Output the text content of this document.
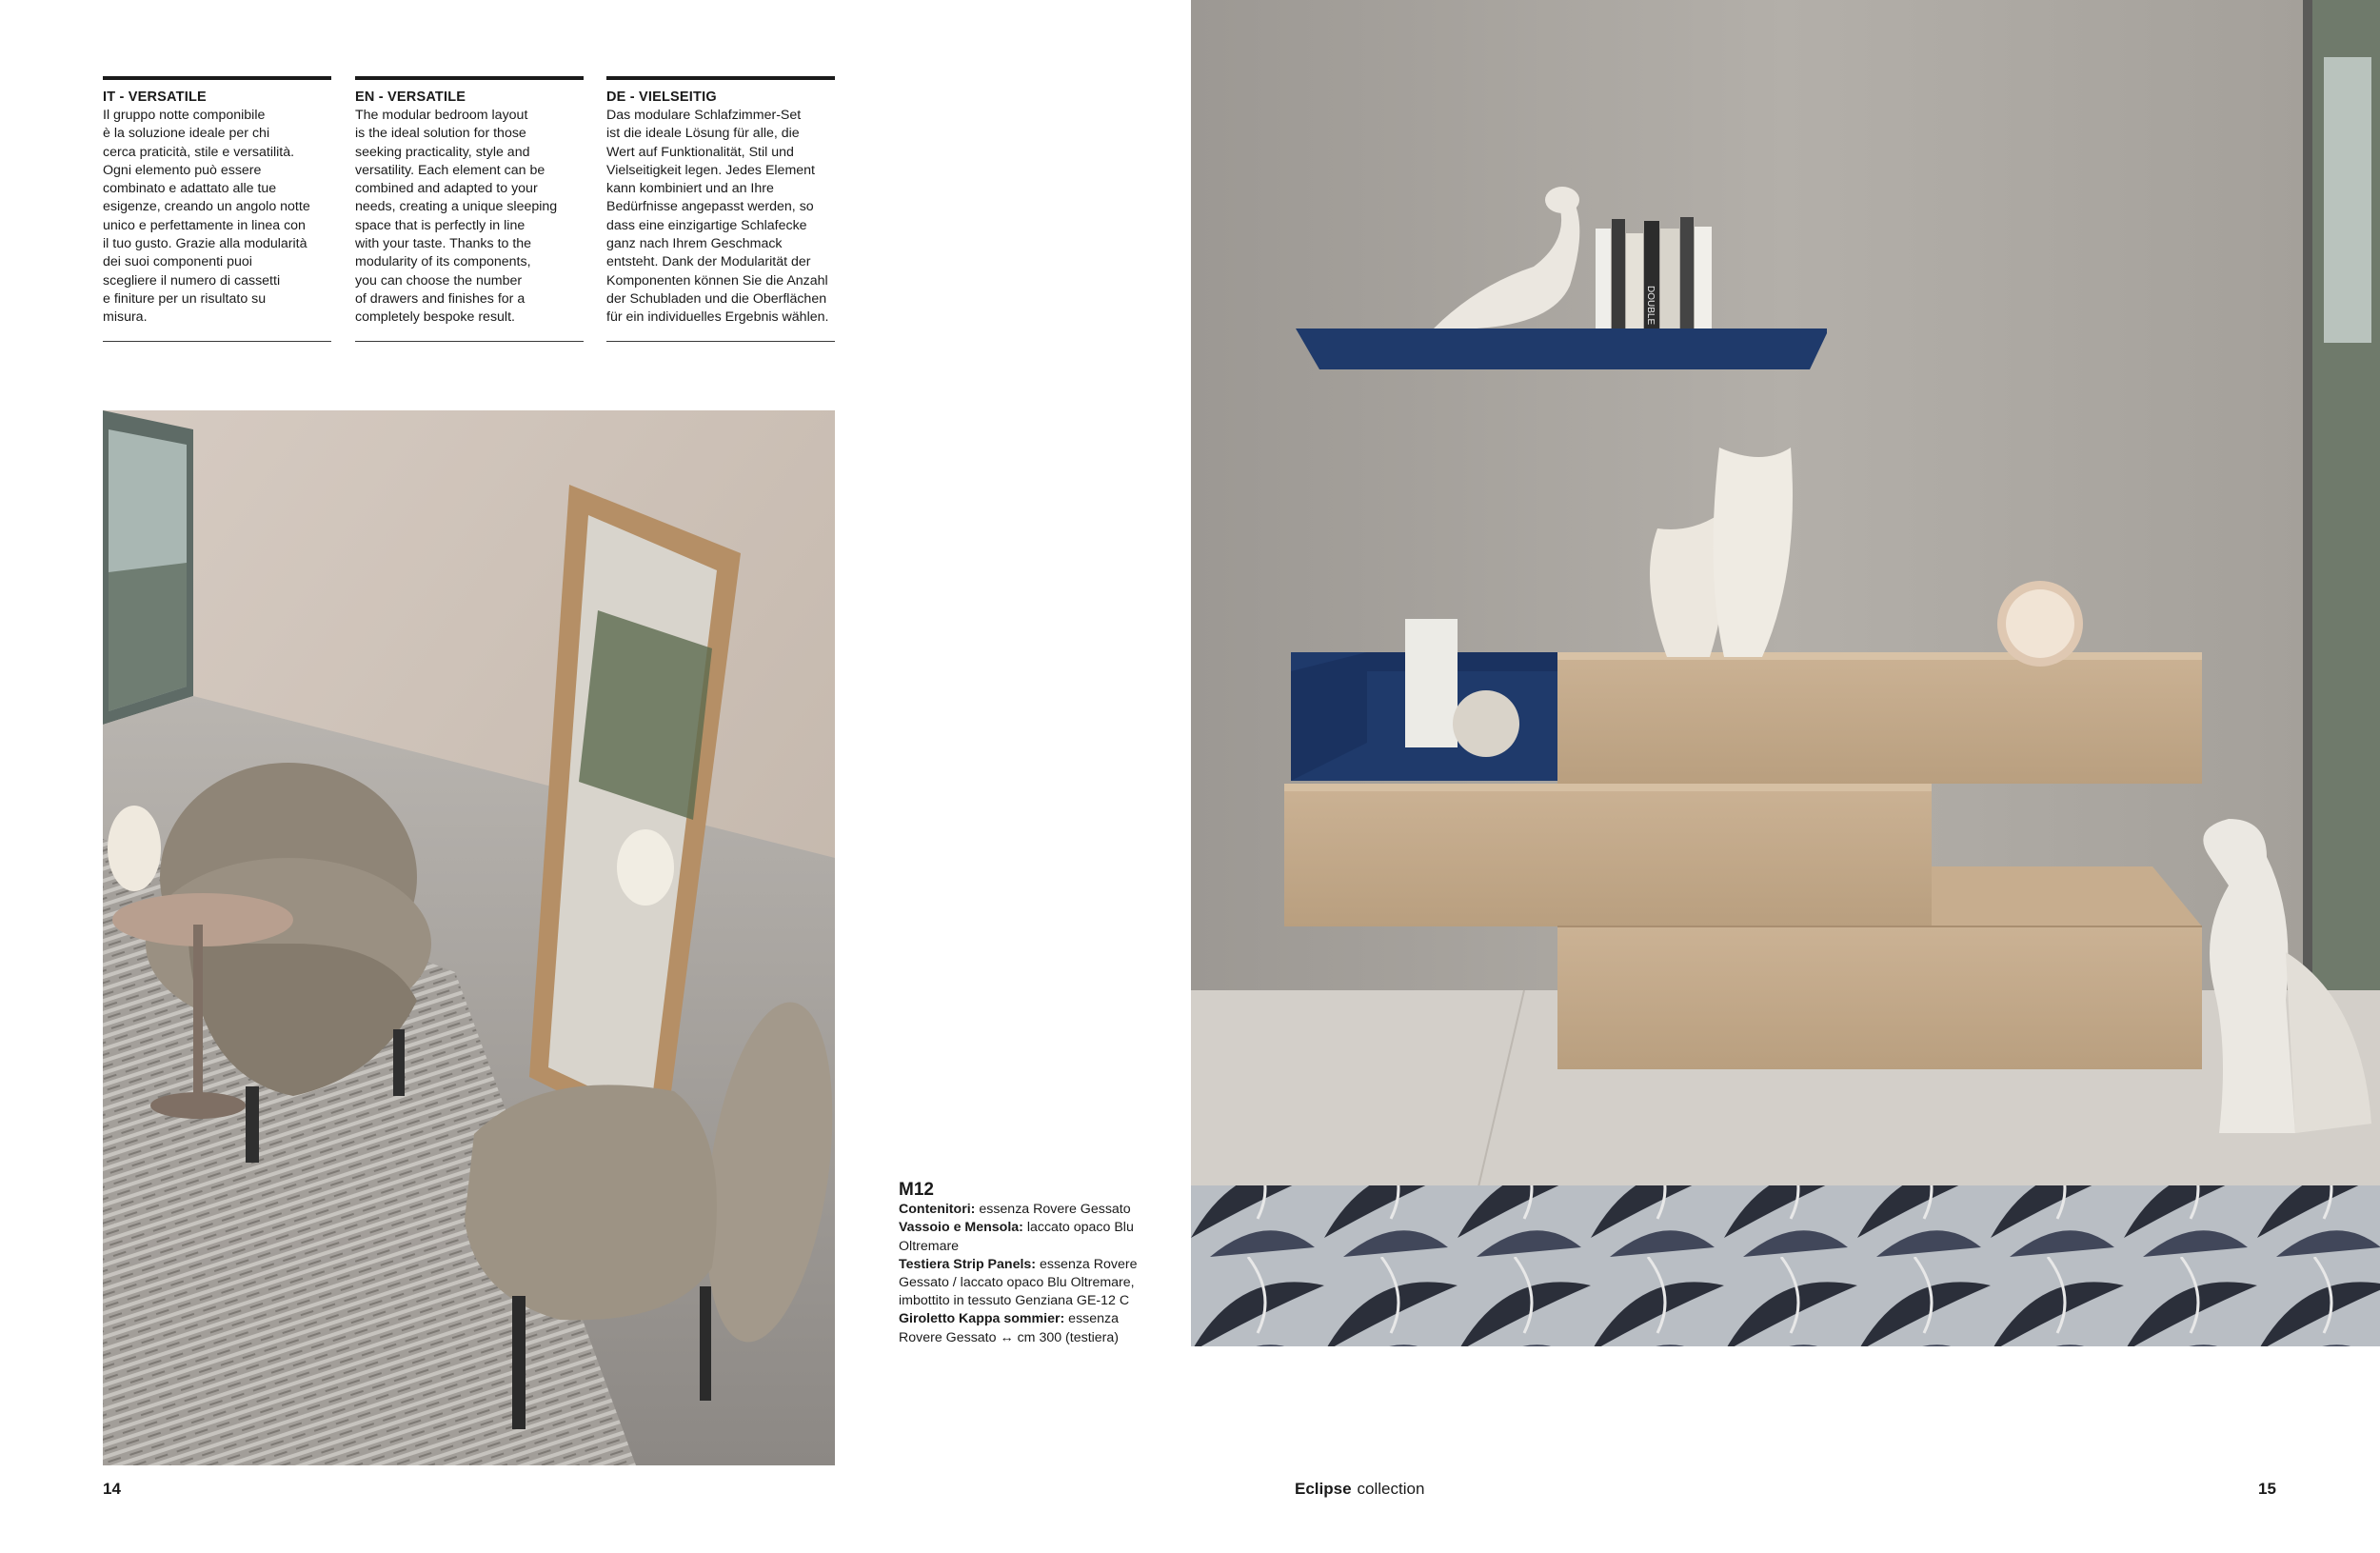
IT - VERSATILE

Il gruppo notte componibile
è la soluzione ideale per chi
cerca praticità, stile e versatilità.
Ogni elemento può essere
combinato e adattato alle tue
esigenze, creando un angolo notte
unico e perfettamente in linea con
il tuo gusto. Grazie alla modularità
dei suoi componenti puoi
scegliere il numero di cassetti
e finiture per un risultato su
misura.

EN - VERSATILE

The modular bedroom layout
is the ideal solution for those
seeking practicality, style and
versatility. Each element can be
combined and adapted to your
needs, creating a unique sleeping
space that is perfectly in line
with your taste. Thanks to the
modularity of its components,
you can choose the number
of drawers and finishes for a
completely bespoke result.

DE - VIELSEITIG

Das modulare Schlafzimmer-Set
ist die ideale Lösung für alle, die
Wert auf Funktionalität, Stil und
Vielseitigkeit legen. Jedes Element
kann kombiniert und an Ihre
Bedürfnisse angepasst werden, so
dass eine einzigartige Schlafecke
ganz nach Ihrem Geschmack
entsteht. Dank der Modularität der
Komponenten können Sie die Anzahl
der Schubladen und die Oberflächen
für ein individuelles Ergebnis wählen.	DOUBLE
M12
Contenitori: essenza Rovere Gessato
Vassoio e Mensola: laccato opaco Blu Oltremare
Testiera Strip Panels: essenza Rovere Gessato / laccato opaco Blu Oltremare, imbottito in tessuto Genziana GE-12 C
Giroletto Kappa sommier: essenza Rovere Gessato ↔ cm 300 (testiera)
14	Eclipse collection	15
